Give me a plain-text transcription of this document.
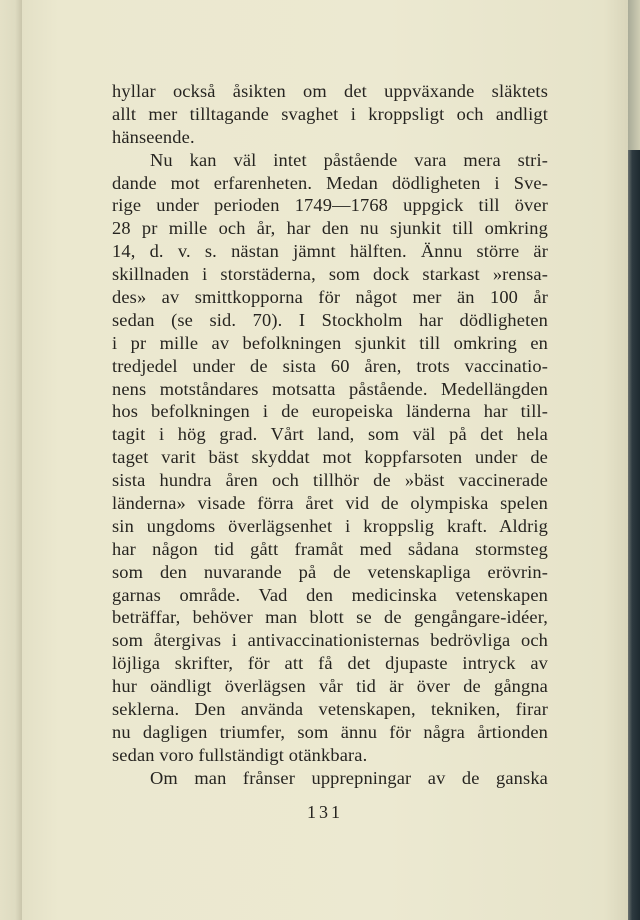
hyllar också åsikten om det uppväxande släktets
allt mer tilltagande svaghet i kroppsligt och andligt
hänseende.
Nu kan väl intet påstående vara mera stri-
dande mot erfarenheten. Medan dödligheten i Sve-
rige under perioden 1749—1768 uppgick till över
28 pr mille och år, har den nu sjunkit till omkring
14, d. v. s. nästan jämnt hälften. Ännu större är
skillnaden i storstäderna, som dock starkast »rensa-
des» av smittkopporna för något mer än 100 år
sedan (se sid. 70). I Stockholm har dödligheten
i pr mille av befolkningen sjunkit till omkring en
tredjedel under de sista 60 åren, trots vaccinatio-
nens motståndares motsatta påstående. Medellängden
hos befolkningen i de europeiska länderna har till-
tagit i hög grad. Vårt land, som väl på det hela
taget varit bäst skyddat mot koppfarsoten under de
sista hundra åren och tillhör de »bäst vaccinerade
länderna» visade förra året vid de olympiska spelen
sin ungdoms överlägsenhet i kroppslig kraft. Aldrig
har någon tid gått framåt med sådana stormsteg
som den nuvarande på de vetenskapliga erövrin-
garnas område. Vad den medicinska vetenskapen
beträffar, behöver man blott se de gengångare-idéer,
som återgivas i antivaccinationisternas bedrövliga och
löjliga skrifter, för att få det djupaste intryck av
hur oändligt överlägsen vår tid är över de gångna
seklerna. Den använda vetenskapen, tekniken, firar
nu dagligen triumfer, som ännu för några årtionden
sedan voro fullständigt otänkbara.
Om man frånser upprepningar av de ganska
131
